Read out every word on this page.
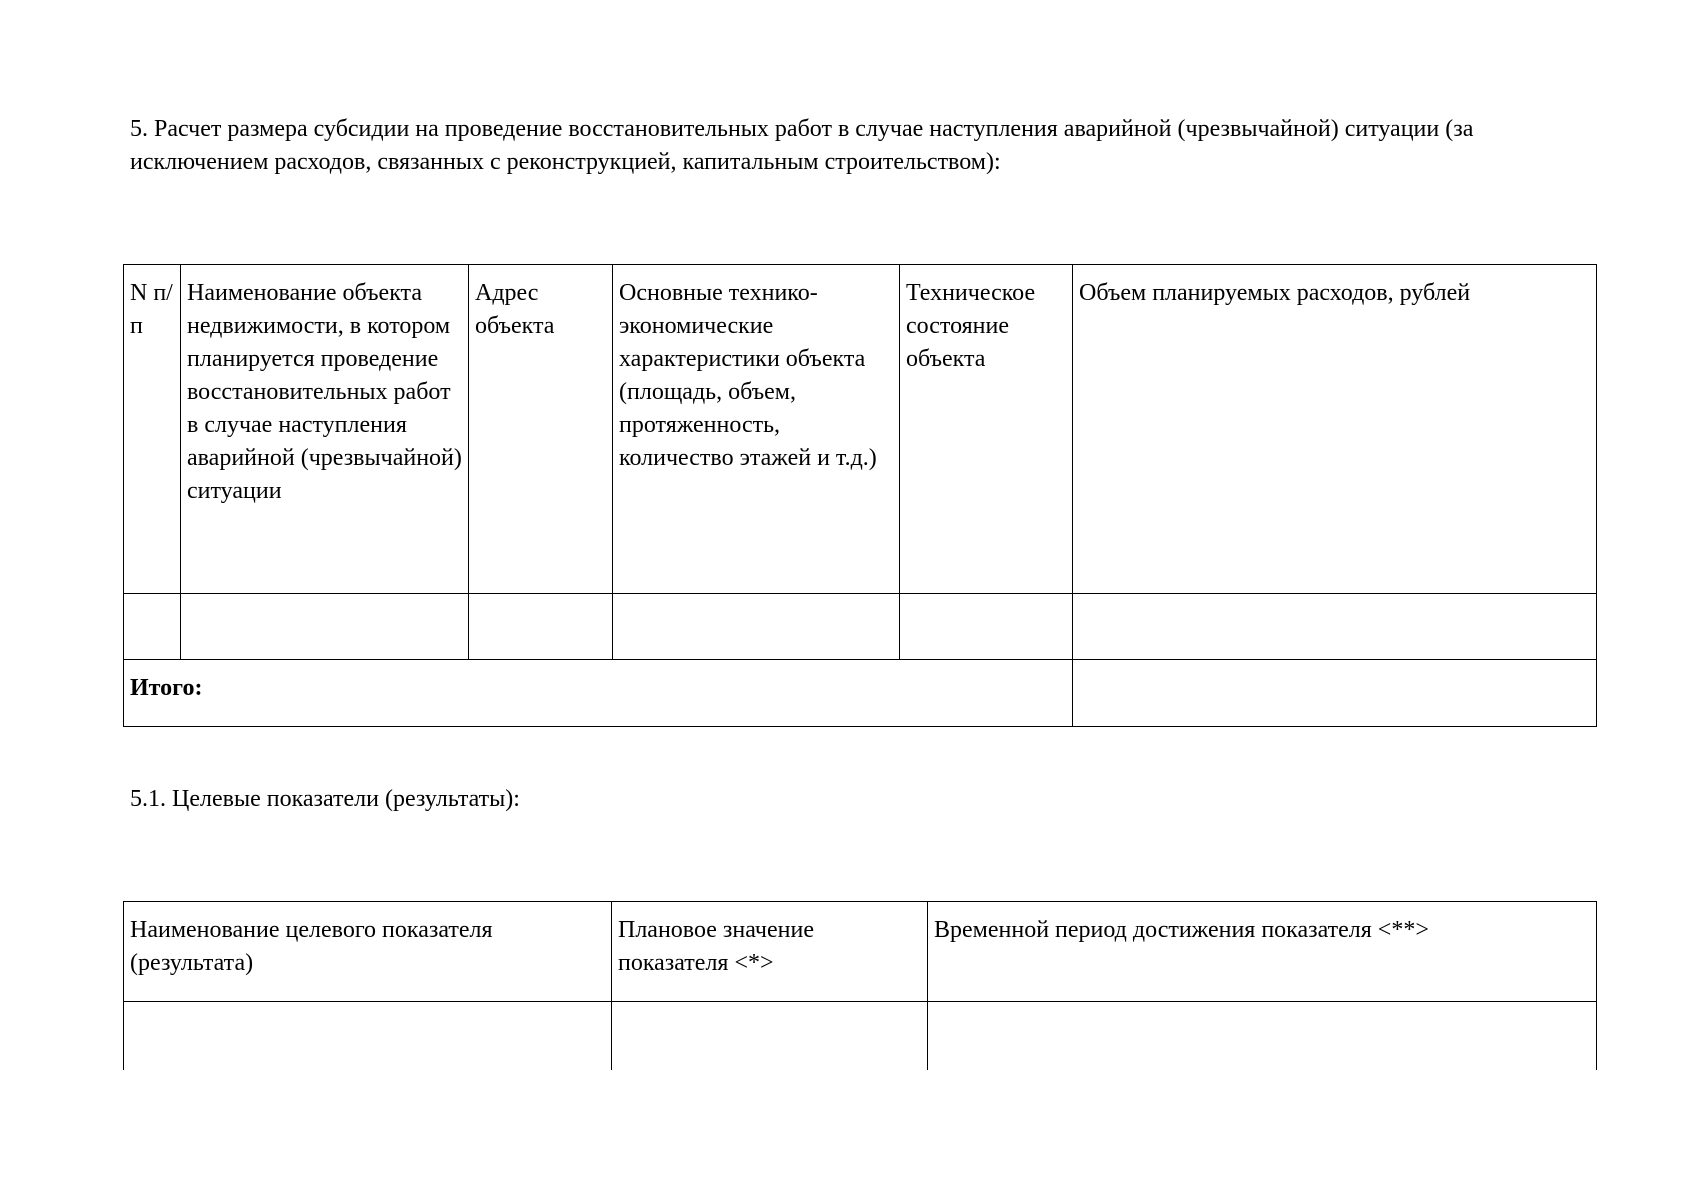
5. Расчет размера субсидии на проведение восстановительных работ в случае наступления аварийной (чрезвычайной) ситуации (за исключением расходов, связанных с реконструкцией, капитальным строительством):

N п/п	Наименование объекта недвижимости, в котором планируется проведение восстановительных работ в случае наступления аварийной (чрезвычайной) ситуации	Адрес объекта	Основные технико-экономические характеристики объекта (площадь, объем, протяженность, количество этажей и т.д.)	Техническое состояние объекта	Объем планируемых расходов, рублей

Итого:					

5.1. Целевые показатели (результаты):

Наименование целевого показателя (результата)	Плановое значение показателя <*>	Временной период достижения показателя <**>
